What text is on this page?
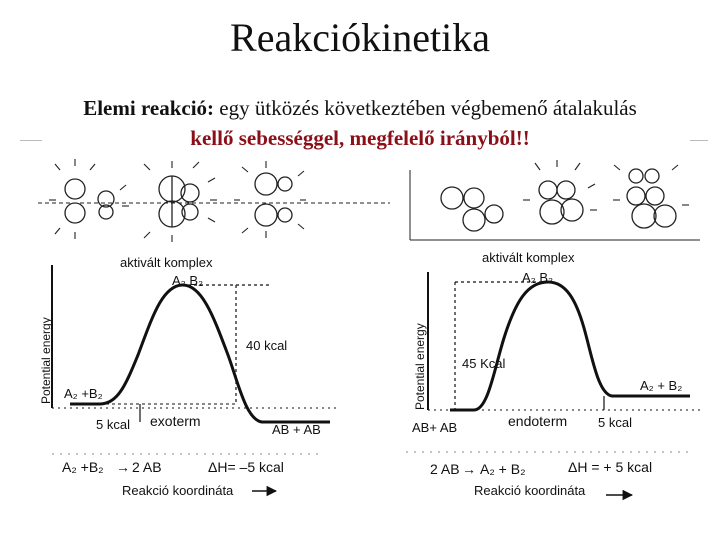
Reakciókinetika
Elemi reakció: egy ütközés következtében végbemenő átalakulás
kellő sebességgel, megfelelő irányból!!
aktivált komplex
A₂ B₂
Potential energy	40 kcal
A₂ +B₂
5 kcal exoterm
AB + AB
A₂ +B₂ → 2 AB	ΔH= –5 kcal
Reakció koordináta
aktivált komplex
A₂ B₂
Potential energy	45 Kcal
A₂ + B₂
AB+ AB	endoterm 5 kcal
2 AB → A₂ + B₂	ΔH = + 5 kcal
Reakció koordináta
